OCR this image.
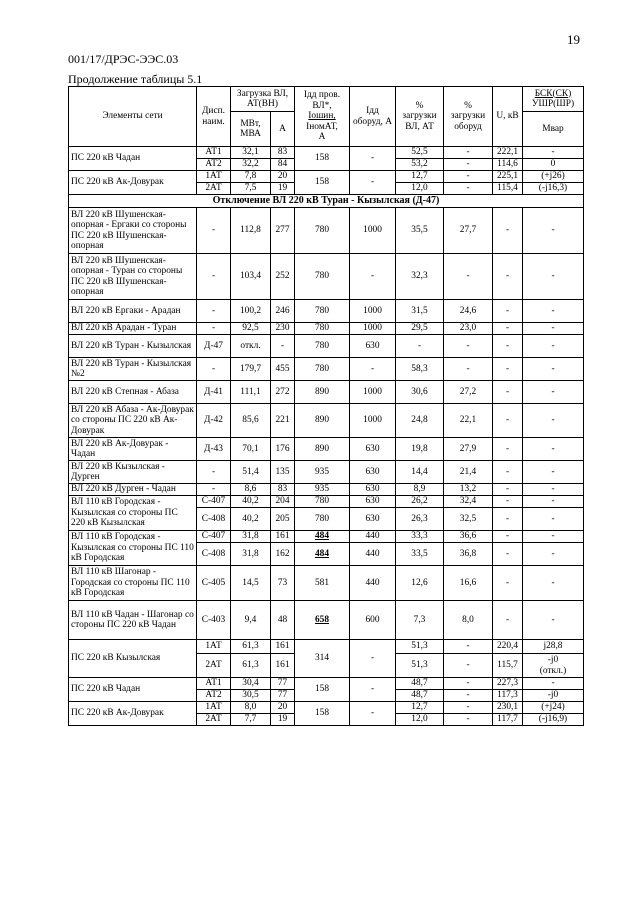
19
001/17/ДРЭС-ЭЭС.03
Продолжение таблицы 5.1
Элементы сети	Дисп. наим.	Загрузка ВЛ, АТ(ВН)		Iдд пров.
ВЛ*,
Iошин,
IномАТ,
А	Iдд оборуд, А	% загрузки ВЛ, АТ	% загрузки оборуд	U, кВ	БСК(СК)
УШР(ШР)
		МВт, МВА	А						Мвар
ПС 220 кВ Чадан	АТ1	32,1	83	158	-	52,5	-	222,1	-
	АТ2	32,2	84			53,2	-	114,6	0
ПС 220 кВ Ак-Довурак	1АТ	7,8	20	158	-	12,7	-	225,1	(+j26)
	2АТ	7,5	19			12,0	-	115,4	(-j16,3)
Отключение ВЛ 220 кВ Туран - Кызылская (Д-47)									
ВЛ 220 кВ Шушенская-опорная - Ергаки со стороны ПС 220 кВ Шушенская-опорная	-	112,8	277	780	1000	35,5	27,7	-	-
ВЛ 220 кВ Шушенская-опорная - Туран со стороны ПС 220 кВ Шушенская-опорная	-	103,4	252	780	-	32,3	-	-	-
ВЛ 220 кВ Ергаки - Арадан	-	100,2	246	780	1000	31,5	24,6	-	-
ВЛ 220 кВ Арадан - Туран	-	92,5	230	780	1000	29,5	23,0	-	-
ВЛ 220 кВ Туран - Кызылская	Д-47	откл.	-	780	630	-	-	-	-
ВЛ 220 кВ Туран - Кызылская №2	-	179,7	455	780	-	58,3	-	-	-
ВЛ 220 кВ Степная - Абаза	Д-41	111,1	272	890	1000	30,6	27,2	-	-
ВЛ 220 кВ Абаза - Ак-Довурак со стороны ПС 220 кВ Ак-Довурак	Д-42	85,6	221	890	1000	24,8	22,1	-	-
ВЛ 220 кВ Ак-Довурак - Чадан	Д-43	70,1	176	890	630	19,8	27,9	-	-
ВЛ 220 кВ Кызылская - Дурген	-	51,4	135	935	630	14,4	21,4	-	-
ВЛ 220 кВ Дурген - Чадан	-	8,6	83	935	630	8,9	13,2	-	-
ВЛ 110 кВ Городская - Кызылская со стороны ПС 220 кВ Кызылская	С-407	40,2	204	780	630	26,2	32,4	-	-
	С-408	40,2	205	780	630	26,3	32,5	-	-
ВЛ 110 кВ Городская - Кызылская со стороны ПС 110 кВ Городская	С-407	31,8	161	484	440	33,3	36,6	-	-
	С-408	31,8	162	484	440	33,5	36,8	-	-
ВЛ 110 кВ Шагонар - Городская со стороны ПС 110 кВ Городская	С-405	14,5	73	581	440	12,6	16,6	-	-
ВЛ 110 кВ Чадан - Шагонар со стороны ПС 220 кВ Чадан	С-403	9,4	48	658	600	7,3	8,0	-	-
ПС 220 кВ Кызылская	1АТ	61,3	161	314	-	51,3	-	220,4	j28,8
	2АТ	61,3	161			51,3	-	115,7	-j0
(откл.)
ПС 220 кВ Чадан	АТ1	30,4	77	158	-	48,7	-	227,3	-
	АТ2	30,5	77			48,7	-	117,3	-j0
ПС 220 кВ Ак-Довурак	1АТ	8,0	20	158	-	12,7	-	230,1	(+j24)
	2АТ	7,7	19			12,0	-	117,7	(-j16,9)
